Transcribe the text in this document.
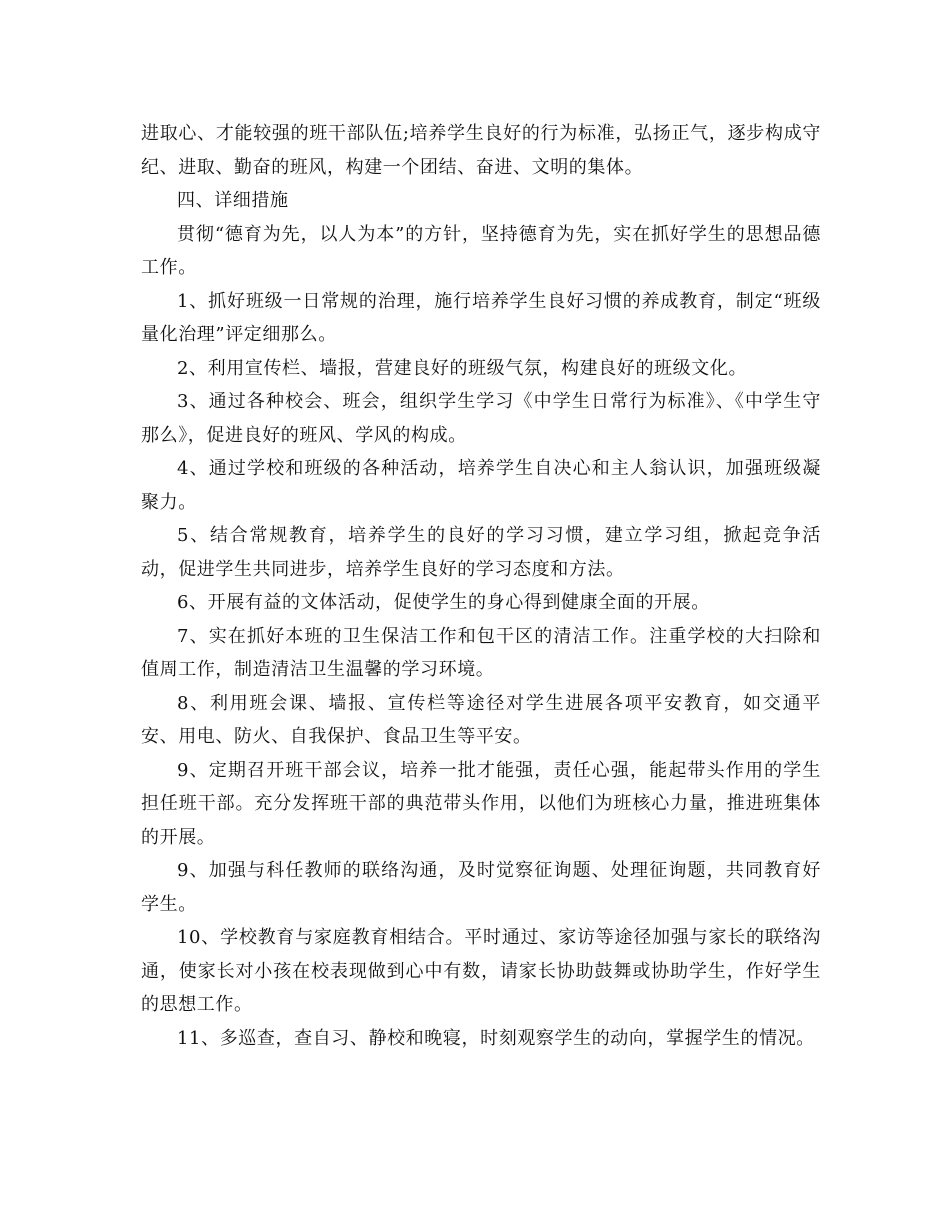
进取心、才能较强的班干部队伍;培养学生良好的行为标准，弘扬正气，逐步构成守纪、进取、勤奋的班风，构建一个团结、奋进、文明的集体。

四、详细措施

贯彻“德育为先，以人为本”的方针，坚持德育为先，实在抓好学生的思想品德工作。

1、抓好班级一日常规的治理，施行培养学生良好习惯的养成教育，制定“班级量化治理”评定细那么。

2、利用宣传栏、墙报，营建良好的班级气氛，构建良好的班级文化。

3、通过各种校会、班会，组织学生学习《中学生日常行为标准》、《中学生守那么》，促进良好的班风、学风的构成。

4、通过学校和班级的各种活动，培养学生自决心和主人翁认识，加强班级凝聚力。

5、结合常规教育，培养学生的良好的学习习惯，建立学习组，掀起竞争活动，促进学生共同进步，培养学生良好的学习态度和方法。

6、开展有益的文体活动，促使学生的身心得到健康全面的开展。

7、实在抓好本班的卫生保洁工作和包干区的清洁工作。注重学校的大扫除和值周工作，制造清洁卫生温馨的学习环境。

8、利用班会课、墙报、宣传栏等途径对学生进展各项平安教育，如交通平安、用电、防火、自我保护、食品卫生等平安。

9、定期召开班干部会议，培养一批才能强，责任心强，能起带头作用的学生担任班干部。充分发挥班干部的典范带头作用，以他们为班核心力量，推进班集体的开展。

9、加强与科任教师的联络沟通，及时觉察征询题、处理征询题，共同教育好学生。

10、学校教育与家庭教育相结合。平时通过、家访等途径加强与家长的联络沟通，使家长对小孩在校表现做到心中有数，请家长协助鼓舞或协助学生，作好学生的思想工作。

11、多巡查，查自习、静校和晚寝，时刻观察学生的动向，掌握学生的情况。
